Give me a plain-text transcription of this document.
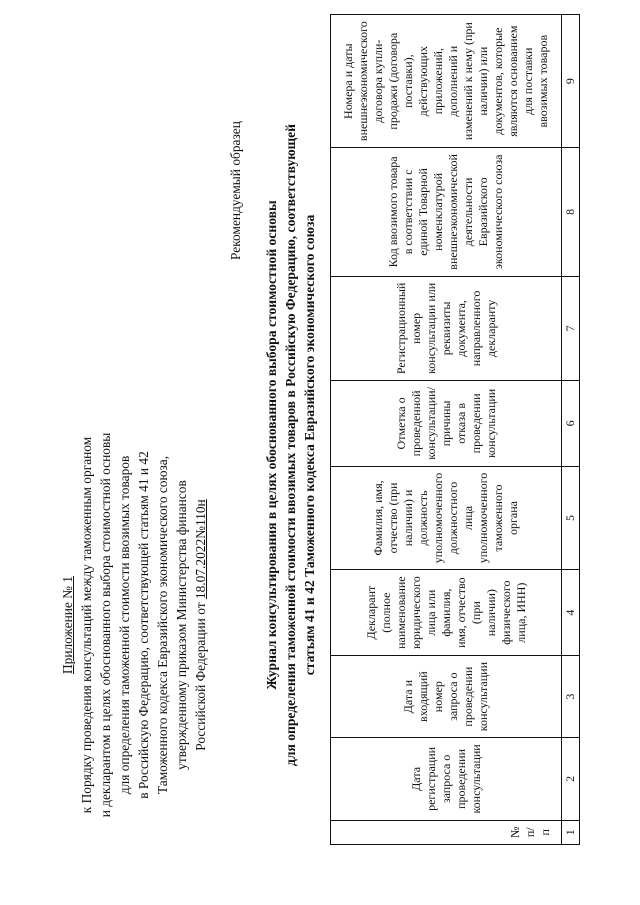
Приложение № 1 к Порядку проведения консультаций между таможенным органом и декларантом в целях обоснованного выбора стоимостной основы для определения таможенной стоимости ввозимых товаров в Российскую Федерацию, соответствующей статьям 41 и 42 Таможенного кодекса Евразийского экономического союза, утвержденному приказом Министерства финансов Российской Федерации от 18.07.2022№110н
Рекомендуемый образец
Журнал консультирования в целях обоснованного выбора стоимостной основы для определения таможенной стоимости ввозимых товаров в Российскую Федерацию, соответствующей статьям 41 и 42 Таможенного кодекса Евразийского экономического союза
№ п/п	Дата регистрации запроса о проведении консультации	Дата и входящий номер запроса о проведении консультации	Декларант (полное наименование юридического лица или фамилия, имя, отчество (при наличии) физического лица, ИНН)	Фамилия, имя, отчество (при наличии) и должность уполномоченного должностного лица уполномоченного таможенного органа	Отметка о проведенной консультации/ причины отказа в проведении консультации	Регистрационный номер консультации или реквизиты документа, направленного декларанту	Код ввозимого товара в соответствии с единой Товарной номенклатурой внешнеэкономической деятельности Евразийского экономического союза	Номера и даты внешнеэкономического договора купли-продажи (договора поставки), действующих приложений, дополнений и изменений к нему (при наличии) или документов, которые являются основанием для поставки ввозимых товаров
1	2	3	4	5	6	7	8	9
